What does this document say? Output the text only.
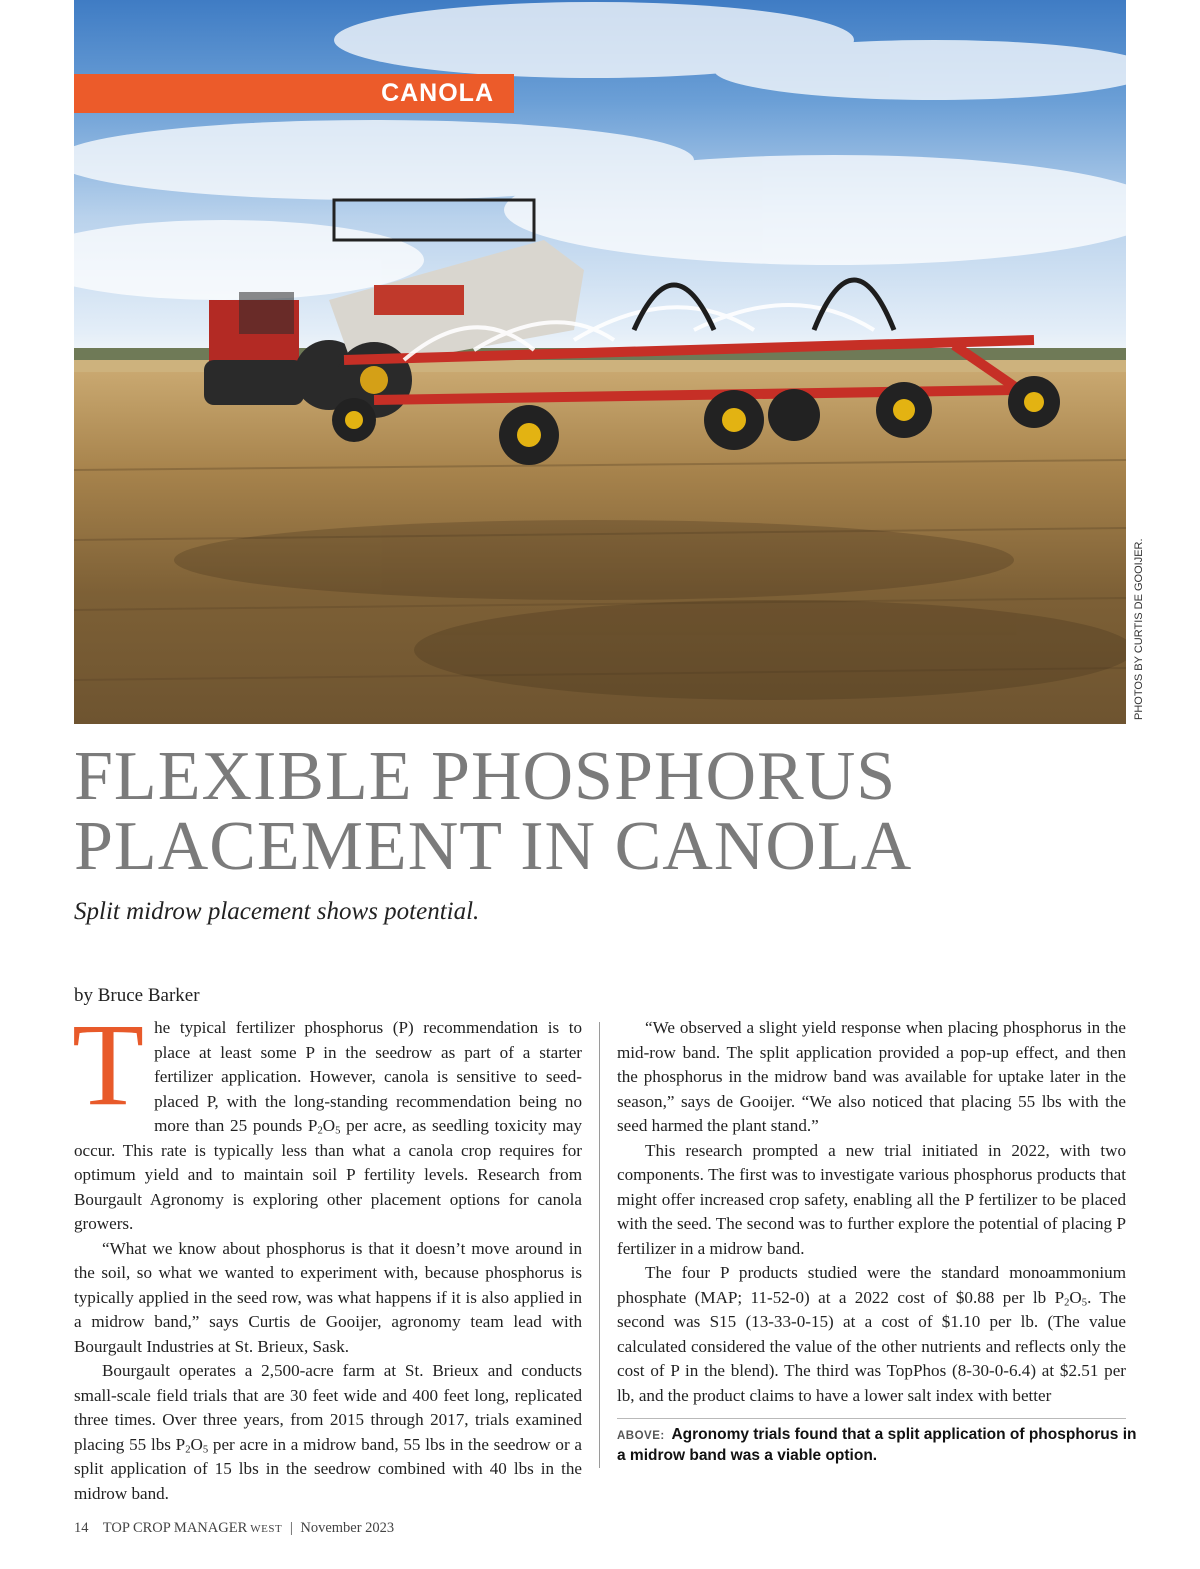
CANOLA
PHOTOS BY CURTIS DE GOOIJER.
FLEXIBLE PHOSPHORUS
PLACEMENT IN CANOLA

Split midrow placement shows potential.

by Bruce Barker

The typical fertilizer phosphorus (P) recommendation is to place at least some P in the seedrow as part of a starter fertilizer application. However, canola is sensitive to seed-placed P, with the long-standing recommendation being no more than 25 pounds $P_2O_5$ per acre, as seedling toxicity may occur. This rate is typically less than what a canola crop requires for optimum yield and to maintain soil P fertility levels. Research from Bourgault Agronomy is exploring other placement options for canola growers.

“What we know about phosphorus is that it doesn’t move around in the soil, so what we wanted to experiment with, because phosphorus is typically applied in the seed row, was what happens if it is also applied in a midrow band,” says Curtis de Gooijer, agronomy team lead with Bourgault Industries at St. Brieux, Sask.

Bourgault operates a 2,500-acre farm at St. Brieux and conducts small-scale field trials that are 30 feet wide and 400 feet long, replicated three times. Over three years, from 2015 through 2017, trials examined placing 55 lbs $P_2O_5$ per acre in a midrow band, 55 lbs in the seedrow or a split application of 15 lbs in the seedrow combined with 40 lbs in the midrow band.

“We observed a slight yield response when placing phosphorus in the mid-row band. The split application provided a pop-up effect, and then the phosphorus in the midrow band was available for uptake later in the season,” says de Gooijer. “We also noticed that placing 55 lbs with the seed harmed the plant stand.”

This research prompted a new trial initiated in 2022, with two components. The first was to investigate various phosphorus products that might offer increased crop safety, enabling all the P fertilizer to be placed with the seed. The second was to further explore the potential of placing P fertilizer in a midrow band.

The four P products studied were the standard monoammonium phosphate (MAP; 11-52-0) at a 2022 cost of $0.88 per lb $P_2O_5$. The second was S15 (13-33-0-15) at a cost of $1.10 per lb. (The value calculated considered the value of the other nutrients and reflects only the cost of P in the blend). The third was TopPhos (8-30-0-6.4) at $2.51 per lb, and the product claims to have a lower salt index with better

ABOVE: Agronomy trials found that a split application of phosphorus in a midrow band was a viable option.
14 TOP CROP MANAGER WEST | November 2023
